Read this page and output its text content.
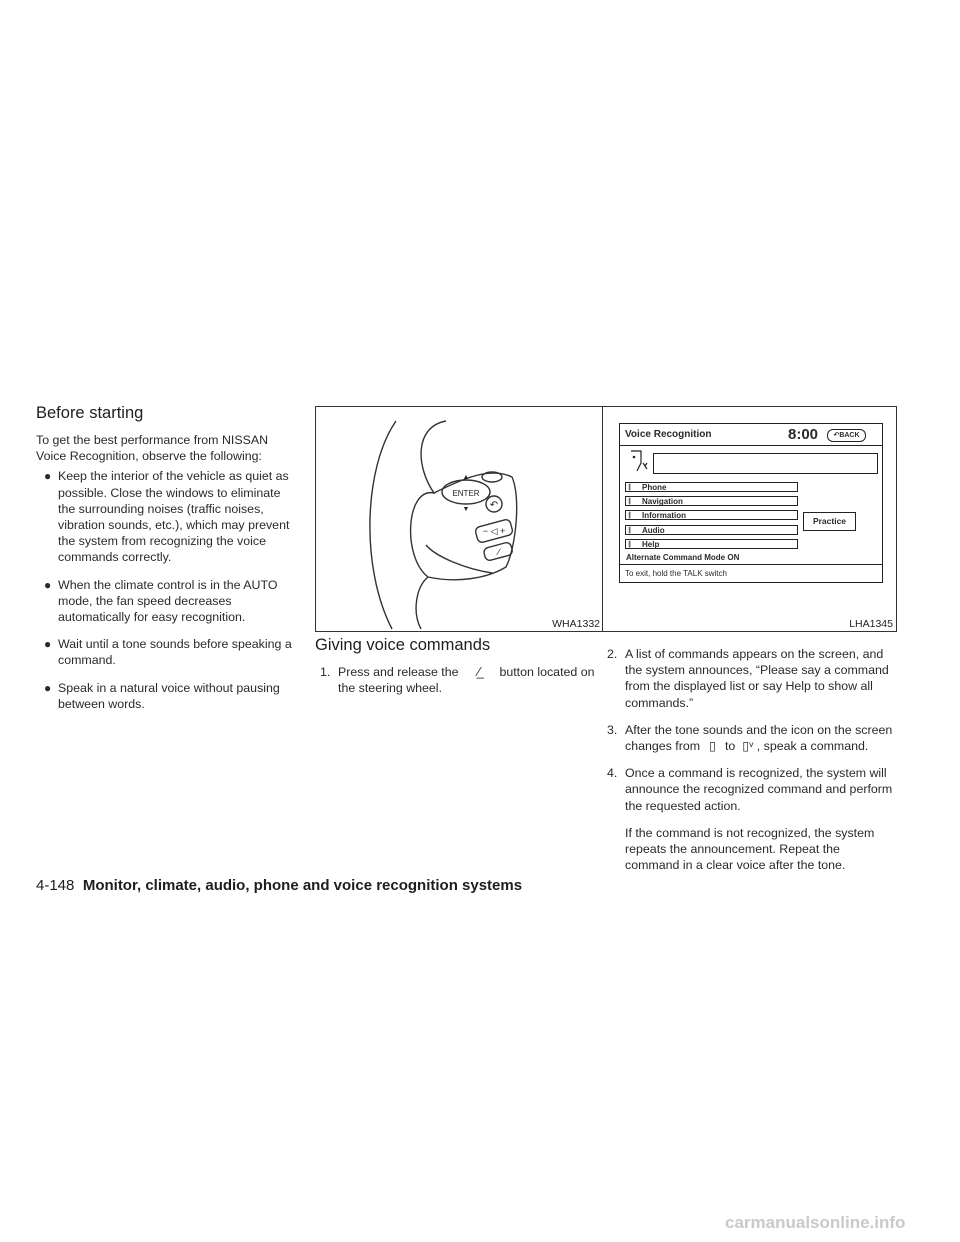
Before starting

To get the best performance from NISSAN Voice Recognition, observe the following:

● Keep the interior of the vehicle as quiet as possible. Close the windows to eliminate the surrounding noises (traffic noises, vibration sounds, etc.), which may prevent the system from recognizing the voice commands correctly.

● When the climate control is in the AUTO mode, the fan speed decreases automatically for easy recognition.

● Wait until a tone sounds before speaking a command.

● Speak in a natural voice without pausing between words.

ENTER
▲
▼ ↶
− ◁ +
⁄
WHA1332
Voice Recognition	8:00	↶BACK
𝄁 Phone
𝄁 Navigation
𝄁 Information
𝄁 Audio
𝄁 Help
Practice
Alternate Command Mode ON
To exit, hold the TALK switch
LHA1345
Giving voice commands

1. Press and release the ⁄̲ button located on the steering wheel.

2. A list of commands appears on the screen, and the system announces, “Please say a command from the displayed list or say Help to show all commands.”

3. After the tone sounds and the icon on the screen changes from ▯ to ▯ᵛ , speak a command.

4. Once a command is recognized, the system will announce the recognized command and perform the requested action.

If the command is not recognized, the system repeats the announcement. Repeat the command in a clear voice after the tone.

4-148 Monitor, climate, audio, phone and voice recognition systems
carmanualsonline.info
